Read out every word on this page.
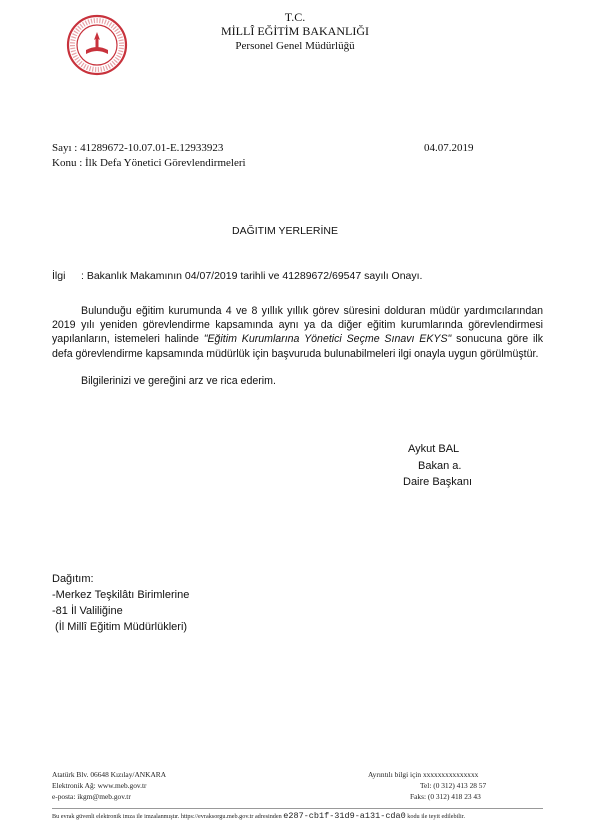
T.C.
MİLLÎ EĞİTİM BAKANLIĞI
Personel Genel Müdürlüğü
Sayı : 41289672-10.07.01-E.12933923	04.07.2019
Konu : İlk Defa Yönetici Görevlendirmeleri
DAĞITIM YERLERİNE
İlgi : Bakanlık Makamının 04/07/2019 tarihli ve 41289672/69547 sayılı Onayı.
Bulunduğu eğitim kurumunda 4 ve 8 yıllık yıllık görev süresini dolduran müdür yardımcılarından 2019 yılı yeniden görevlendirme kapsamında aynı ya da diğer eğitim kurumlarında görevlendirmesi yapılanların, istemeleri halinde "Eğitim Kurumlarına Yönetici Seçme Sınavı EKYS" sonucuna göre ilk defa görevlendirme kapsamında müdürlük için başvuruda bulunabilmeleri ilgi onayla uygun görülmüştür.
Bilgilerinizi ve gereğini arz ve rica ederim.
Aykut BAL
Bakan a.
Daire Başkanı
Dağıtım:
-Merkez Teşkilâtı Birimlerine
-81 İl Valiliğine
(İl Millî Eğitim Müdürlükleri)
Atatürk Blv. 06648 Kızılay/ANKARA
Elektronik Ağ: www.meb.gov.tr
e-posta: ikgm@meb.gov.tr
Ayrıntılı bilgi için xxxxxxxxxxxxxxx
Tel: (0 312) 413 28 57
Faks: (0 312) 418 23 43
Bu evrak güvenli elektronik imza ile imzalanmıştır. https://evraksorgu.meb.gov.tr adresinden e287-cb1f-31d9-a131-cda0 kodu ile teyit edilebilir.
